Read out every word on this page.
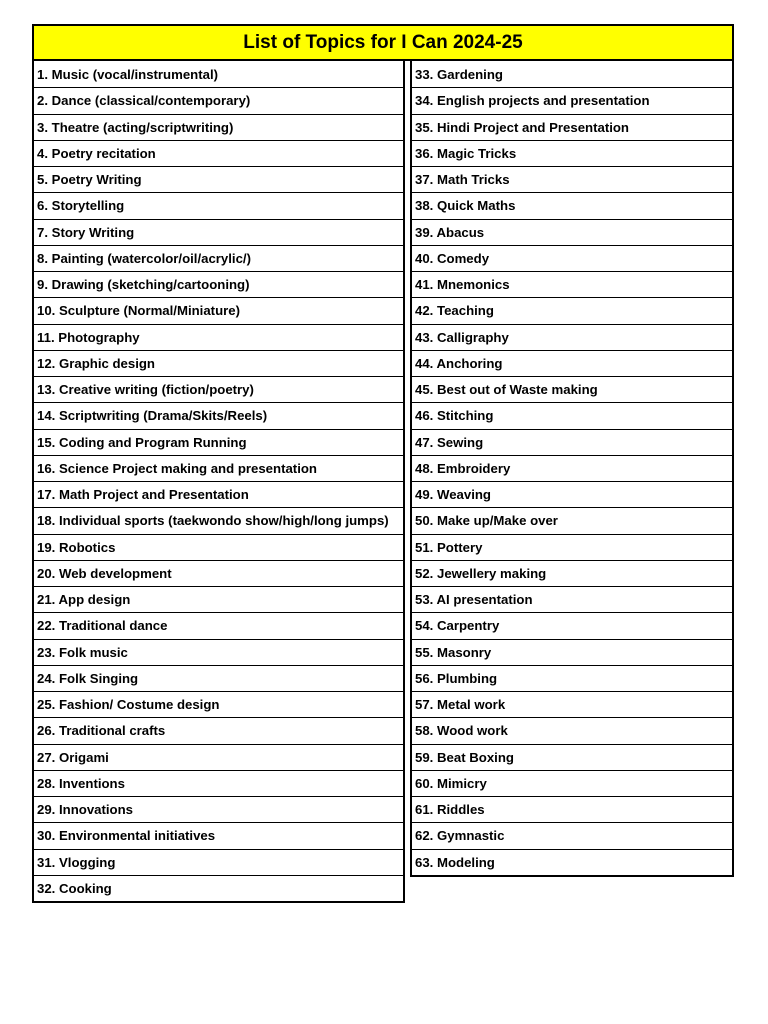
List of Topics for I Can 2024-25
1. Music (vocal/instrumental)
2. Dance (classical/contemporary)
3. Theatre (acting/scriptwriting)
4. Poetry recitation
5. Poetry Writing
6. Storytelling
7. Story Writing
8. Painting (watercolor/oil/acrylic/)
9. Drawing (sketching/cartooning)
10. Sculpture (Normal/Miniature)
11. Photography
12. Graphic design
13. Creative writing (fiction/poetry)
14. Scriptwriting (Drama/Skits/Reels)
15. Coding and Program Running
16. Science Project making and presentation
17. Math Project and Presentation
18. Individual sports (taekwondo show/high/long jumps)
19. Robotics
20. Web development
21. App design
22. Traditional dance
23. Folk music
24. Folk Singing
25. Fashion/ Costume design
26. Traditional crafts
27. Origami
28. Inventions
29. Innovations
30. Environmental initiatives
31. Vlogging
32. Cooking
33. Gardening
34. English projects and presentation
35. Hindi Project and Presentation
36. Magic Tricks
37. Math Tricks
38. Quick Maths
39. Abacus
40. Comedy
41. Mnemonics
42. Teaching
43. Calligraphy
44. Anchoring
45. Best out of Waste making
46. Stitching
47. Sewing
48. Embroidery
49. Weaving
50. Make up/Make over
51. Pottery
52. Jewellery making
53. AI presentation
54. Carpentry
55. Masonry
56. Plumbing
57. Metal work
58. Wood work
59. Beat Boxing
60. Mimicry
61. Riddles
62. Gymnastic
63. Modeling
